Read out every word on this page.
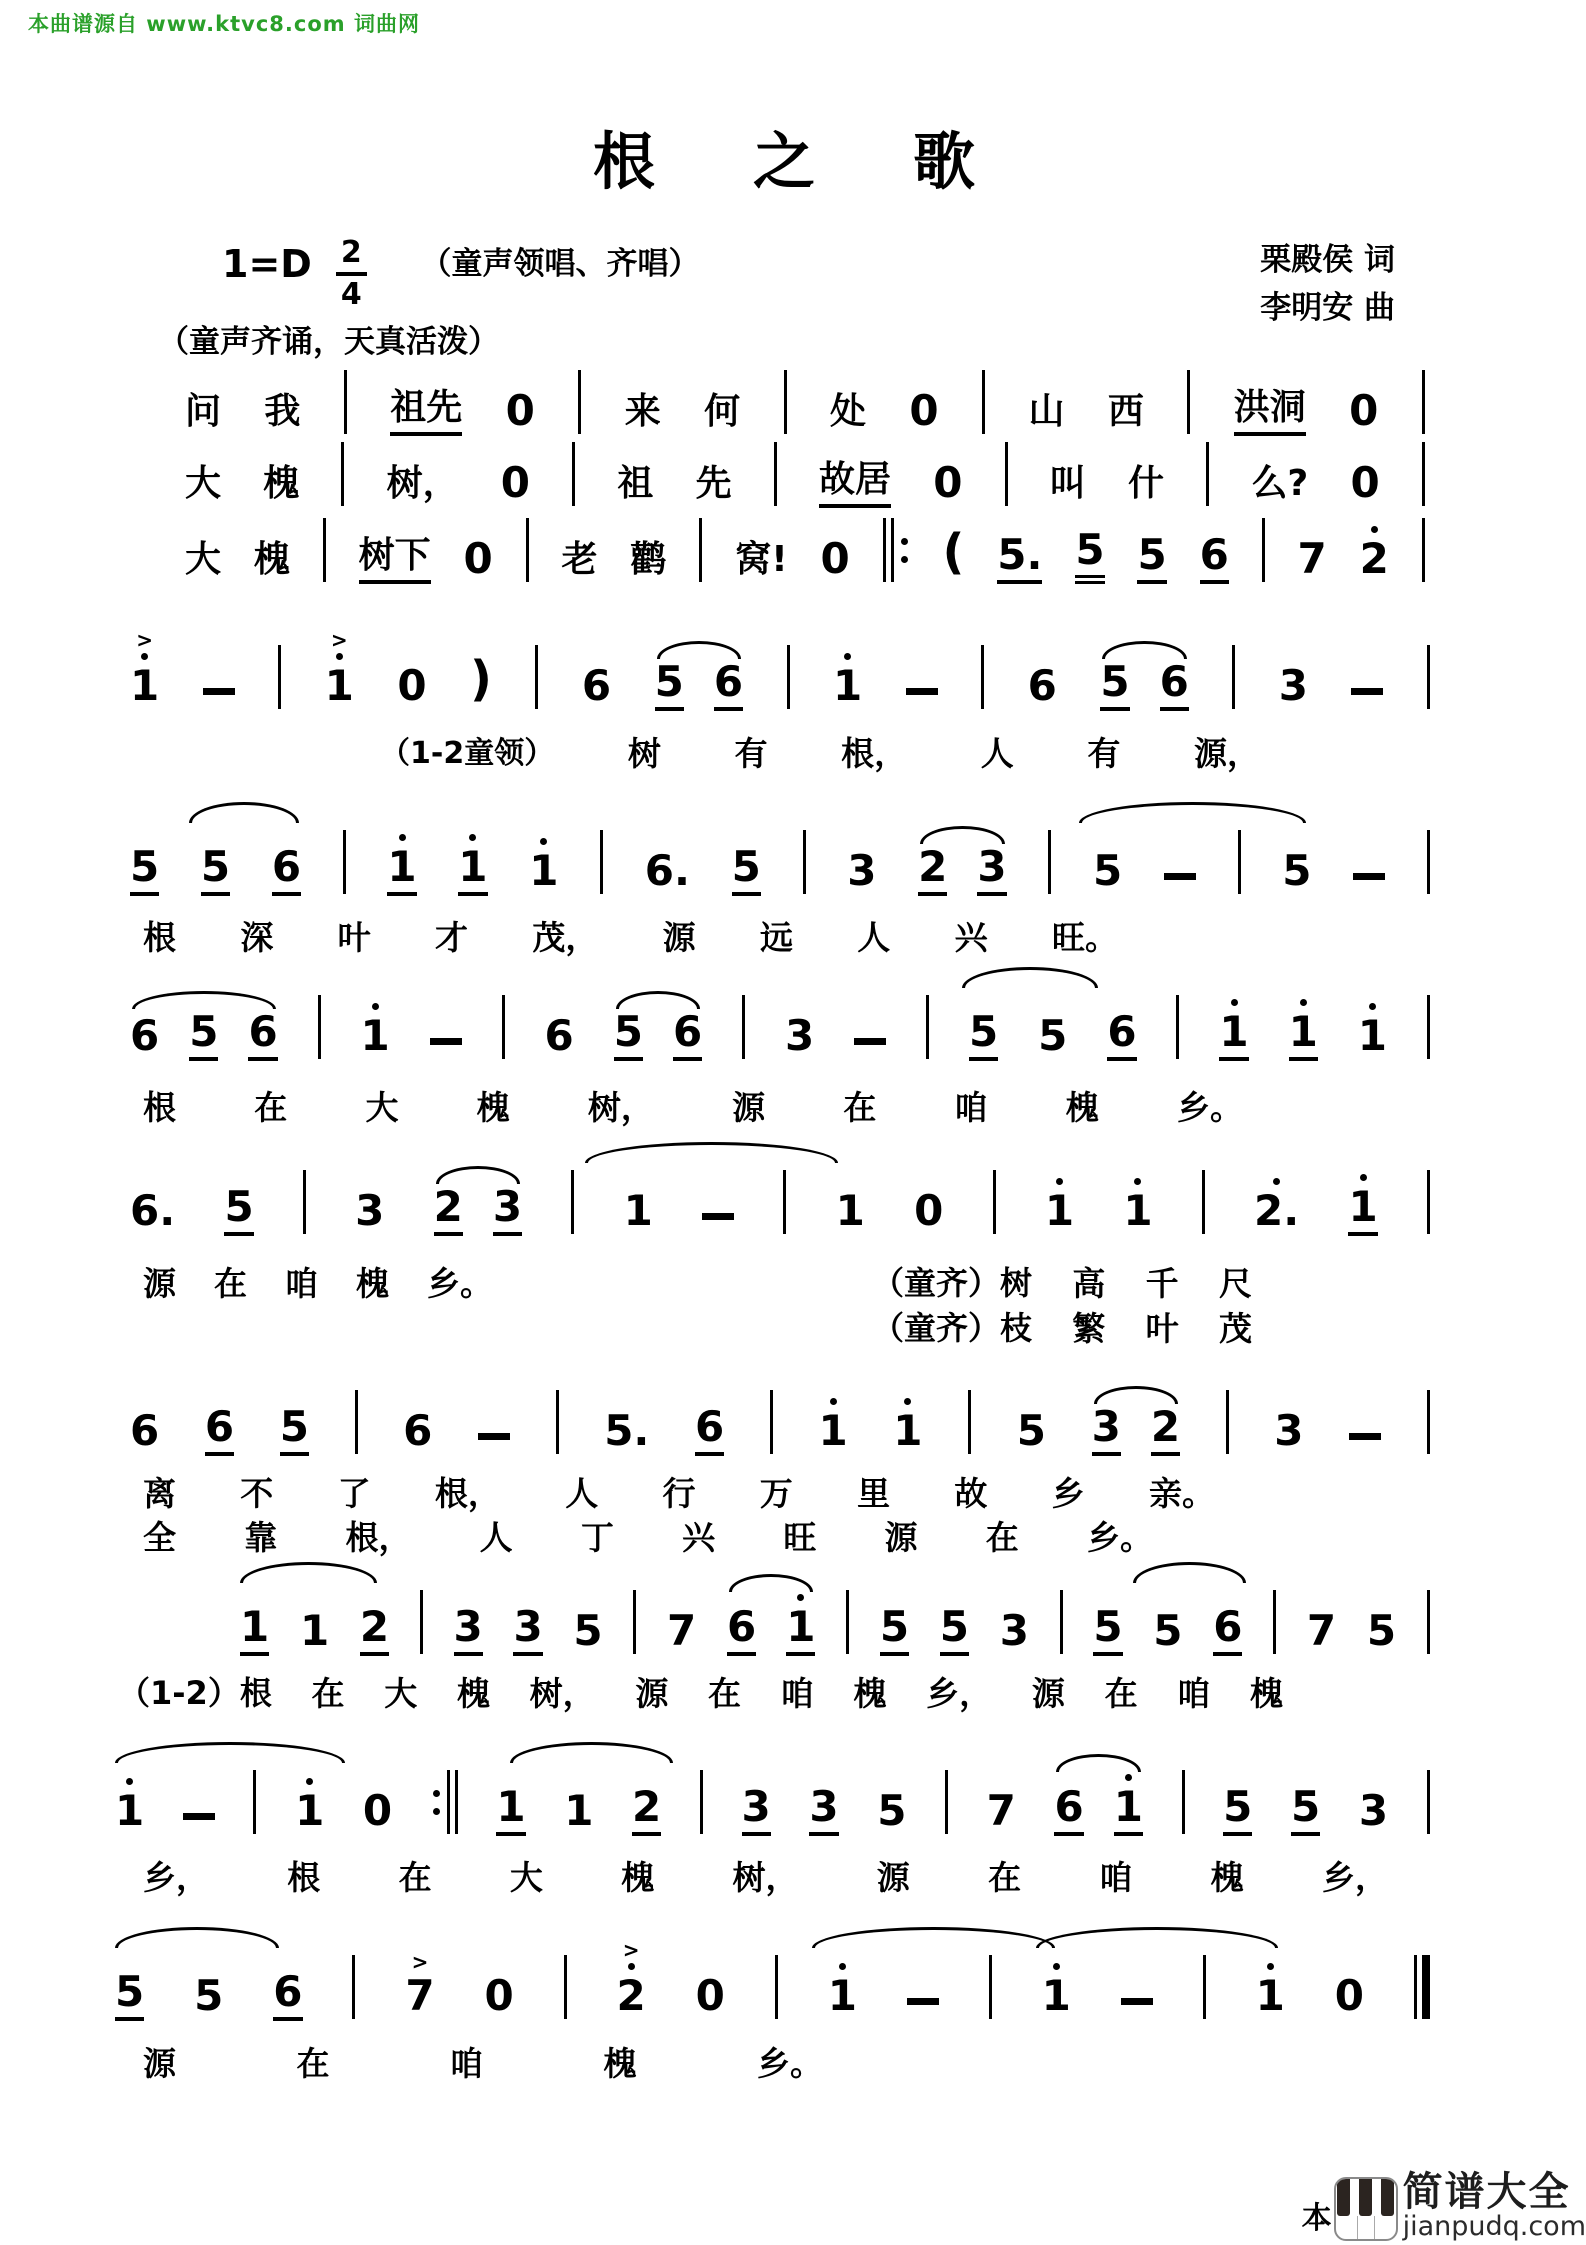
本曲谱源自 www.ktvc8.com 词曲网
根　之　歌
（童声领唱、齐唱）
$1=D \frac{2}{4}$	栗殿侯 词
李明安 曲
（童声齐诵，天真活泼）
问 我 祖先 0 来 何 处 0 山 西 洪洞 0
大 槐 树， 0 祖 先 故居 0 叫 什 么? 0
大 槐 树下 0 老 鹳 窝! 0 ( 5. 5 5 6 7 2
>
1
>
1 0 ) 6 5 6 1	6 5 6 3
（1-2童领） 树 有 根， 人 有 源，
5 5 6 1 1 1 6. 5 3 2 3 5	5
根 深 叶 才 茂， 源 远 人 兴 旺。
6 5 6 1	6 5 6 3	5 5 6 1 1 1
根 在 大 槐 树， 源 在 咱 槐 乡。
6. 5 3 2 3 1	1 0 1 1 2. 1
源 在 咱 槐 乡。	（童齐）树 高 千 尺
（童齐）枝 繁 叶 茂
6 6 5 6	5. 6 1 1 5 3 2 3
离 不 了 根， 人 行 万 里 故 乡 亲。
全 靠 根， 人 丁 兴 旺 源 在 乡。
1 1 2 3 3 5 7 6 1 5 5 3 5 5 6 7 5
（1-2）根 在 大 槐 树， 源 在 咱 槐 乡， 源 在 咱 槐
1	1 0 1 1 2 3 3 5 7 6 1 5 5 3
乡， 根 在 大 槐 树， 源 在 咱 槐 乡，
5 5 6
>
7 0
>
2 0 1	1	1 0
源	在	咱	槐	乡。
本
简谱大全
jianpudq.com
